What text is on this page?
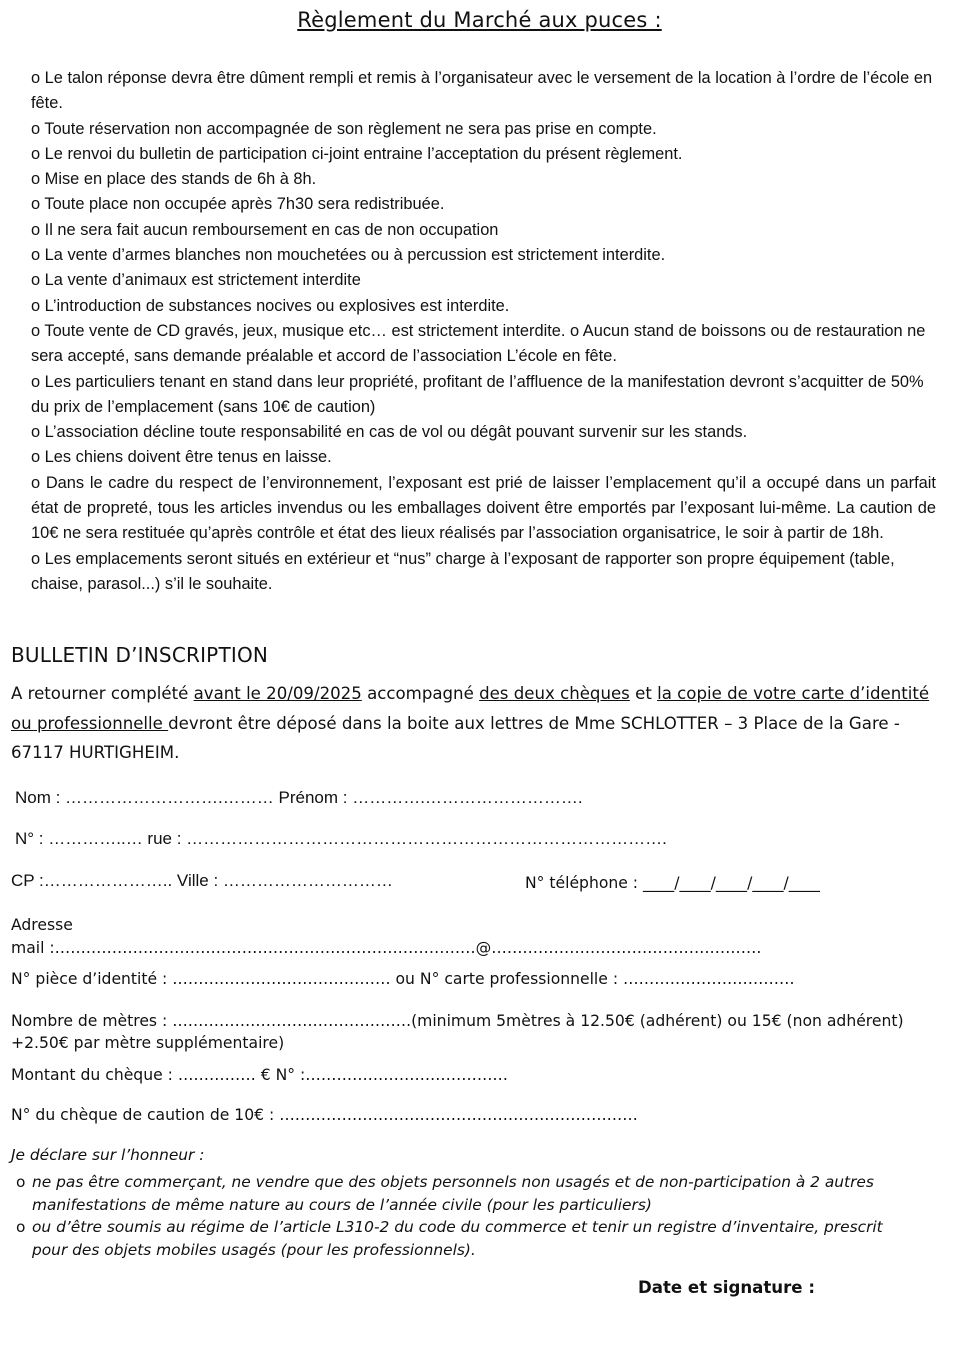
Règlement du Marché aux puces :

o Le talon réponse devra être dûment rempli et remis à l’organisateur avec le versement de la location à l’ordre de l’école en fête.

o Toute réservation non accompagnée de son règlement ne sera pas prise en compte.

o Le renvoi du bulletin de participation ci-joint entraine l’acceptation du présent règlement.

o Mise en place des stands de 6h à 8h.

o Toute place non occupée après 7h30 sera redistribuée.

o Il ne sera fait aucun remboursement en cas de non occupation

o La vente d’armes blanches non mouchetées ou à percussion est strictement interdite.

o La vente d’animaux est strictement interdite

o L’introduction de substances nocives ou explosives est interdite.

o Toute vente de CD gravés, jeux, musique etc… est strictement interdite. o Aucun stand de boissons ou de restauration ne sera accepté, sans demande préalable et accord de l’association L’école en fête.

o Les particuliers tenant en stand dans leur propriété, profitant de l’affluence de la manifestation devront s’acquitter de 50% du prix de l’emplacement (sans 10€ de caution)

o L’association décline toute responsabilité en cas de vol ou dégât pouvant survenir sur les stands.

o Les chiens doivent être tenus en laisse.

o Dans le cadre du respect de l’environnement, l’exposant est prié de laisser l’emplacement qu’il a occupé dans un parfait état de propreté, tous les articles invendus ou les emballages doivent être emportés par l’exposant lui-même. La caution de 10€ ne sera restituée qu’après contrôle et état des lieux réalisés par l’association organisatrice, le soir à partir de 18h.

o Les emplacements seront situés en extérieur et “nus” charge à l’exposant de rapporter son propre équipement (table, chaise, parasol...) s’il le souhaite.

BULLETIN D’INSCRIPTION
A retourner complété avant le 20/09/2025 accompagné des deux chèques et la copie de votre carte d’identité ou professionnelle devront être déposé dans la boite aux lettres de Mme SCHLOTTER – 3 Place de la Gare - 67117 HURTIGHEIM.
Nom : ……………………….……… Prénom : ………….……………………….
N° : …………..… rue : ………………………………………………………………………….
CP :………………….. Ville : …………………………	N° téléphone : ____/____/____/____/____
Adresse
mail :………………………………………………………………………@…………………………………………….
N° pièce d’identité : …………………………………… ou N° carte professionnelle : ……………………………
Nombre de mètres : ……………………………………….(minimum 5mètres à 12.50€ (adhérent) ou 15€ (non adhérent) +2.50€ par mètre supplémentaire)
Montant du chèque : …………… € N° :…………………………………
N° du chèque de caution de 10€ : ……………………………………………………………
Je déclare sur l’honneur :
o ne pas être commerçant, ne vendre que des objets personnels non usagés et de non-participation à 2 autres manifestations de même nature au cours de l’année civile (pour les particuliers)
o ou d’être soumis au régime de l’article L310-2 du code du commerce et tenir un registre d’inventaire, prescrit pour des objets mobiles usagés (pour les professionnels).
Date et signature :
